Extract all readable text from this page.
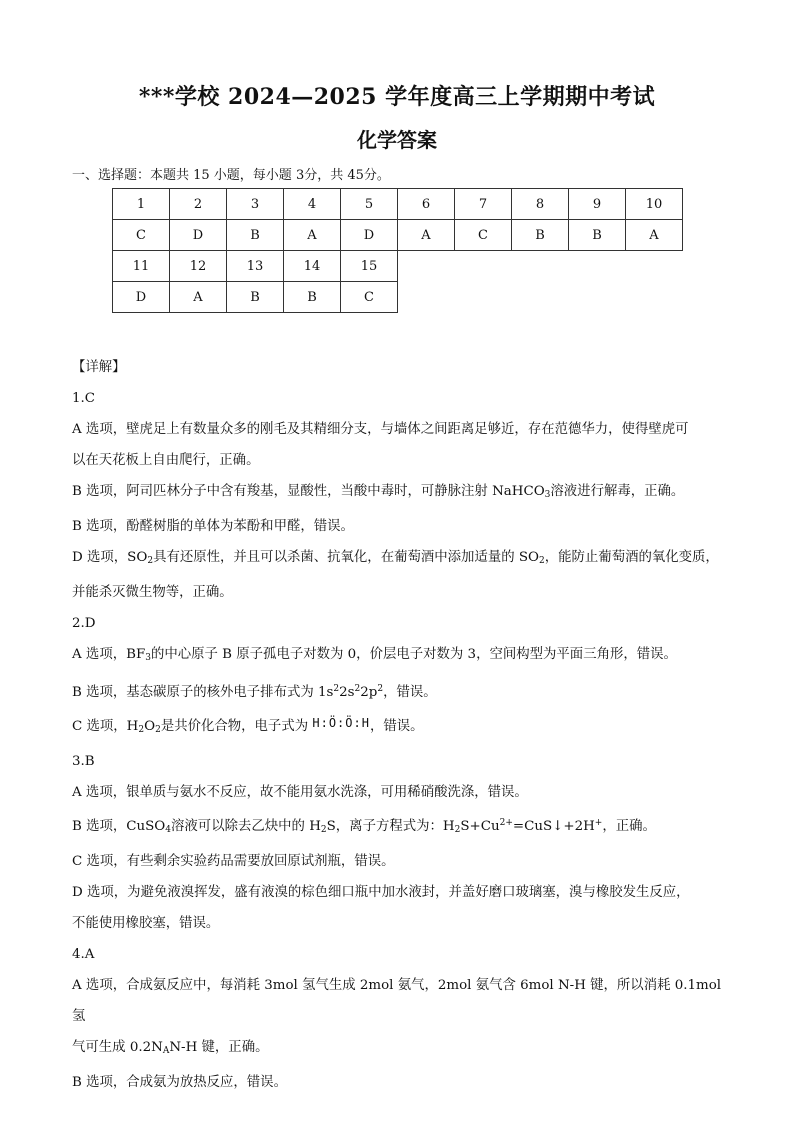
***学校 2024—2025 学年度高三上学期期中考试
化学答案
一、选择题：本题共 15 小题，每小题 3分，共 45分。
1	2	3	4	5	6	7	8	9	10
C	D	B	A	D	A	C	B	B	A
11	12	13	14	15					
D	A	B	B	C					

【详解】

1.C

A 选项，壁虎足上有数量众多的刚毛及其精细分支，与墙体之间距离足够近，存在范德华力，使得壁虎可

以在天花板上自由爬行，正确。

B 选项，阿司匹林分子中含有羧基，显酸性，当酸中毒时，可静脉注射 NaHCO$_3$溶液进行解毒，正确。

B 选项，酚醛树脂的单体为苯酚和甲醛，错误。

D 选项，$SO_2$具有还原性，并且可以杀菌、抗氧化，在葡萄酒中添加适量的 $SO_2$，能防止葡萄酒的氧化变质，

并能杀灭微生物等，正确。

2.D

A 选项，$BF_3$的中心原子 B 原子孤电子对数为 0，价层电子对数为 3，空间构型为平面三角形，错误。

B 选项，基态碳原子的核外电子排布式为 $1s^22s^22p^2$，错误。

C 选项，$H_2O_2$是共价化合物，电子式为 H:Ö:Ö:H，错误。

3.B

A 选项，银单质与氨水不反应，故不能用氨水洗涤，可用稀硝酸洗涤，错误。

B 选项，CuSO$_4$溶液可以除去乙炔中的 $H_2S$，离子方程式为：$H_2S+Cu^{2+}=CuS↓+2H^+$，正确。

C 选项，有些剩余实验药品需要放回原试剂瓶，错误。

D 选项，为避免液溴挥发，盛有液溴的棕色细口瓶中加水液封，并盖好磨口玻璃塞，溴与橡胶发生反应，

不能使用橡胶塞，错误。

4.A

A 选项，合成氨反应中，每消耗 3mol 氢气生成 2mol 氨气，2mol 氨气含 6mol N-H 键，所以消耗 0.1mol 氢

气可生成 $0.2N_AN-H$ 键，正确。

B 选项，合成氨为放热反应，错误。
